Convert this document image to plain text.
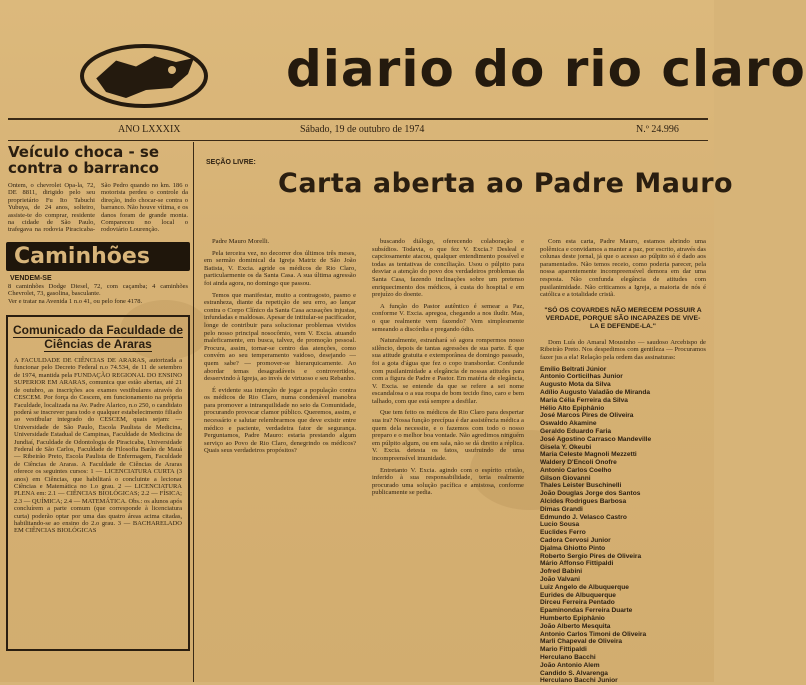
diario do rio claro
ANO LXXXIX	Sábado, 19 de outubro de 1974	N.º 24.996
Veículo choca - se contra o barranco
Ontem, o chevrolet Opa-la, 72, DE 8811, dirigido pelo seu proprietário Fu Ito Tabuchi Yubuya, de 24 anos, solteiro, assiste-te do comprar, residente na cidade de São Paulo, trafegava na rodovia Piracicaba-São Pedro quando no km. 186 o motorista perdeu o controle da direção, indo chocar-se contra o barranco. Não houve vítima, e os danos foram de grande monta. Compareceu no local o rodoviário Lourenção.
Caminhões
VENDEM-SE
8 caminhões Dodge Diesel, 72, com caçamba; 4 caminhões Chevrolet, 73, gasolina, basculante.
Ver e tratar na Avenida 1 n.o 41, ou pelo fone 4178.
Comunicado da Faculdade de Ciências de Araras
A FACULDADE DE CIÊNCIAS DE ARARAS, autorizada a funcionar pelo Decreto Federal n.o 74.534, de 11 de setembro de 1974, mantida pela FUNDAÇÃO REGIONAL DO ENSINO SUPERIOR EM ARARAS, comunica que estão abertas, até 21 de outubro, as inscrições aos exames vestibulares através do CESCEM. Por força do Cescem, em funcionamento na própria Faculdade, localizada na Av. Padre Alarico, n.o 250, o candidato poderá se inscrever para todo e qualquer estabelecimento filiado ao vestibular integrado do CESCEM, quais sejam: — Universidade de São Paulo, Escola Paulista de Medicina, Universidade Estadual de Campinas, Faculdade de Medicina de Jundiaí, Faculdade de Odontologia de Piracicaba, Universidade Federal de São Carlos, Faculdade de Filosofia Barão de Mauá — Ribeirão Preto, Escola Paulista de Enfermagem, Faculdade de Ciências de Araras. A Faculdade de Ciências de Araras oferece os seguintes cursos: 1 — LICENCIATURA CURTA (3 anos) em Ciências, que habilitará o concluinte a lecionar Ciências e Matemática no 1.o grau. 2 — LICENCIATURA PLENA em: 2.1 — CIÊNCIAS BIOLÓGICAS; 2.2 — FÍSICA; 2.3 — QUÍMICA; 2.4 — MATEMÁTICA. Obs.: os alunos após concluírem a parte comum (que corresponde à licenciatura curta) poderão optar por uma das quatro áreas acima citadas, habilitando-se ao ensino do 2.o grau. 3 — BACHARELADO EM CIÊNCIAS BIOLÓGICAS
SEÇÃO LIVRE:
Carta aberta ao Padre Mauro

Padre Mauro Morelli.

Pela terceira vez, no decorrer dos últimos três meses, em sermão dominical da Igreja Matriz de São João Batista, V. Excia. agride os médicos de Rio Claro, particularmente os da Santa Casa. A sua última agressão foi ainda agora, no domingo que passou.

Temos que manifestar, muito a contragosto, pasmo e estranheza, diante da repetição de seu erro, ao lançar contra o Corpo Clínico da Santa Casa acusações injustas, infundadas e maldosas. Apesar de intitular-se pacificador, longe de contribuir para solucionar problemas vividos pelo nosso principal nosocômio, vem V. Excia. atuando maleficamente, em busca, talvez, de promoção pessoal. Procura, assim, tornar-se centro das atenções, como convém ao seu temperamento vaidoso, desejando — quem sabe? — promover-se hierarquicamente. Ao abordar temas desagradáveis e controvertidos, desservindo à Igreja, ao invés de virtuoso e seu Rebanho.

É evidente sua intenção de jogar a população contra os médicos de Rio Claro, numa condenável manobra para promover a intranquilidade no seio da Comunidade, procurando provocar clamor público. Queremos, assim, e necessário e salutar relembrarmos que deve existir entre médico e paciente, verdadeira fator de segurança. Perguntamos, Padre Mauro: estaria prestando algum serviço ao Povo de Rio Claro, denegrindo os médicos? Quais seus verdadeiros propósitos?

buscando diálogo, oferecendo colaboração e subsídios. Todavia, o que fez V. Excia.? Desleal e capciosamente atacou, qualquer entendimento possível e todas as tentativas de conciliação. Usou o púlpito para desviar a atenção do povo dos verdadeiros problemas da Santa Casa, fazendo inclinações sobre um pretenso enriquecimento dos médicos, à custa do hospital e em prejuízo do doente.

A função do Pastor autêntico é semear a Paz, conforme V. Excia. apregoa, chegando a nos iludir. Mas, o que realmente vem fazendo? Vem simplesmente semeando a discórdia e pregando ódio.

Naturalmente, estranhará só agora rompermos nosso silêncio, depois de tantas agressões de sua parte. É que sua atitude gratuita e extemporânea de domingo passado, foi a gota d'água que fez o copo transbordar. Confunde com pusilanimidade a elegância de nossas atitudes para com a figura de Padre e Pastor. Em matéria de elegância, V. Excia. se entende da que se refere a sei nome escandalosa o a sua roupa de bom tecido fino, caro e bem talhado, com que está sempre a desfilar.

Que tem feito os médicos de Rio Claro para despertar sua ira? Nossa função precípua é dar assistência médica a quem dela necessite, e o fazemos com todo o nosso preparo e o melhor boa vontade. Não agredimos ninguém em púlpito algum, ou em sala, não se dá direito a réplica. V. Excia. detesta os fatos, usufruindo de uma incompreensível imunidade.

Entretanto V. Excia. agindo com o espírito cristão, inferido à sua responsabilidade, teria realmente procurado uma solução pacífica e amistosa, conforme publicamente se pedia.

Com esta carta, Padre Mauro, estamos abrindo uma polêmica e convidamos a manter a paz, por escrito, através das colunas deste jornal, já que o acesso ao púlpito só é dado aos paramentados. Não temos receio, como poderia parecer, pela nossa aparentemente incompreensível demora em dar uma resposta. Não confunda elegância de atitudes com pusilanimidade. Não criticamos a Igreja, a maioria de nós é católica e a totalidade cristã.

"SÓ OS COVARDES NÃO MERECEM POSSUIR A VERDADE, PORQUE SÃO INCAPAZES DE VIVE-LA E DEFENDE-LA."

Dom Luís do Amaral Mousinho — saudoso Arcebispo de Ribeirão Preto. Nos despedimos com gentileza — Procuramos fazer jus a ela! Relação pela ordem das assinaturas:

Emílio Beltrati Júnior
Antonio Corticilhas Junior
Augusto Mota da Silva
Adílio Augusto Valadão de Miranda
Maria Célia Ferreira da Silva
Hélio Alto Epiphânio
José Marcos Pires de Oliveira
Oswaldo Akamine
Geraldo Eduardo Faria
José Agostino Carrasco Mandeville
Gisela Y. Okeubi
Maria Celeste Magnoli Mezzetti
Waldery D'Encoli Onofre
Antonio Carlos Coelho
Gilson Giovanni
Thales Leister Buschinelli
João Douglas Jorge dos Santos
Alcides Rodrigues Barbosa
Dimas Grandi
Edmundo J. Velasco Castro
Lucio Sousa
Euclides Ferro
Cadora Cervosi Junior
Djalma Ghiotto Pinto
Roberto Sergio Pires de Oliveira
Mário Affonso Fittipaldi
Jofred Babini
João Valvani
Luiz Angelo de Albuquerque
Eurides de Albuquerque
Dirceu Ferreira Pentado
Epaminondas Ferreira Duarte
Humberto Epiphânio
João Alberto Mesquita
Antonio Carlos Timoni de Oliveira
Marli Chapeval de Oliveira
Mario Fittipaldi
Herculano Bacchi
João Antonio Alem
Candido S. Alvarenga
Herculano Bacchi Junior
